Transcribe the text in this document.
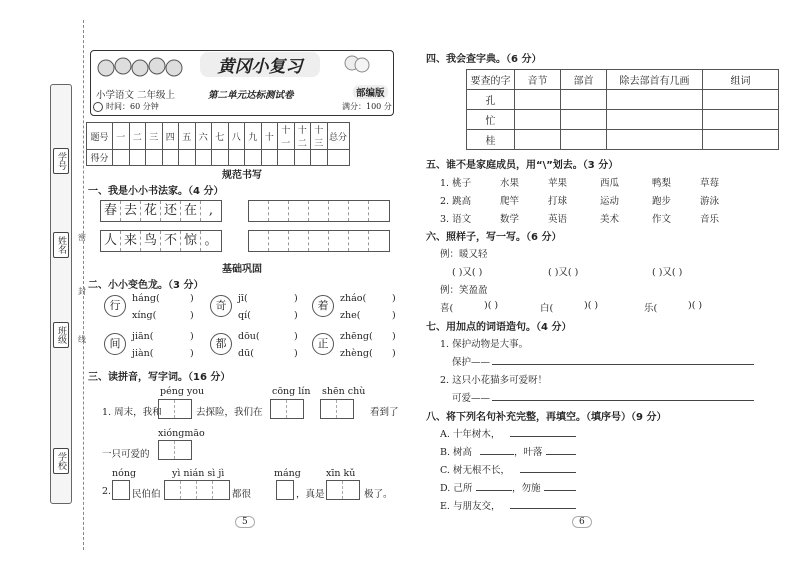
学号
姓名
班级
学校
密
封
线
黄冈小复习
小学语文 二年级上	第二单元达标测试卷	部编版
时间：60 分钟	满分：100 分
题号	一	二	三	四	五	六	七	八	九	十	十一	十二	十三	总分
得分														
规范书写
一、我是小小书法家。（4 分）
春 去 花 还 在 ,
人 来 鸟 不 惊 。
基础巩固
二、小小变色龙。（3 分）
行
háng(
xíng(
)
)
奇
jī(
qí(
)
)
着
zháo(
zhe(
)
)
间
jiān(
jiàn(
)
)
都
dōu(
dū(
)
)
正
zhēng(
zhèng(
)
)
三、读拼音，写字词。（16 分）
péng you	cōng lín shēn chù
1. 周末，我和	去探险，我们在	看到了
xióngmāo
一只可爱的
nóng	yì nián sì jì	máng	xīn kǔ
2. 民伯伯	都很	，真是	极了。
5
四、我会查字典。（6 分）
要查的字	音节	部首	除去部首有几画	组词
孔				
忙				
桂				
五、谁不是家庭成员，用“\”划去。（3 分）
1. 桃子	水果	苹果	西瓜	鸭梨	草莓
2. 跳高	爬竿	打球	运动	跑步	游泳
3. 语文	数学	英语	美术	作文	音乐
六、照样子，写一写。（6 分）
例：暖又轻
( )又( )	( )又( )	( )又( )
例：笑盈盈
喜(	)( )	白(	)( )	乐(	)( )
七、用加点的词语造句。（4 分）
1. 保护动物是大事。
保护——
2. 这只小花猫多可爱呀！
可爱——
八、将下列名句补充完整，再填空。（填序号）（9 分）
A. 十年树木，
B. 树高	，叶落
C. 树无根不长，
D. 己所	，勿施
E. 与朋友交，
6
